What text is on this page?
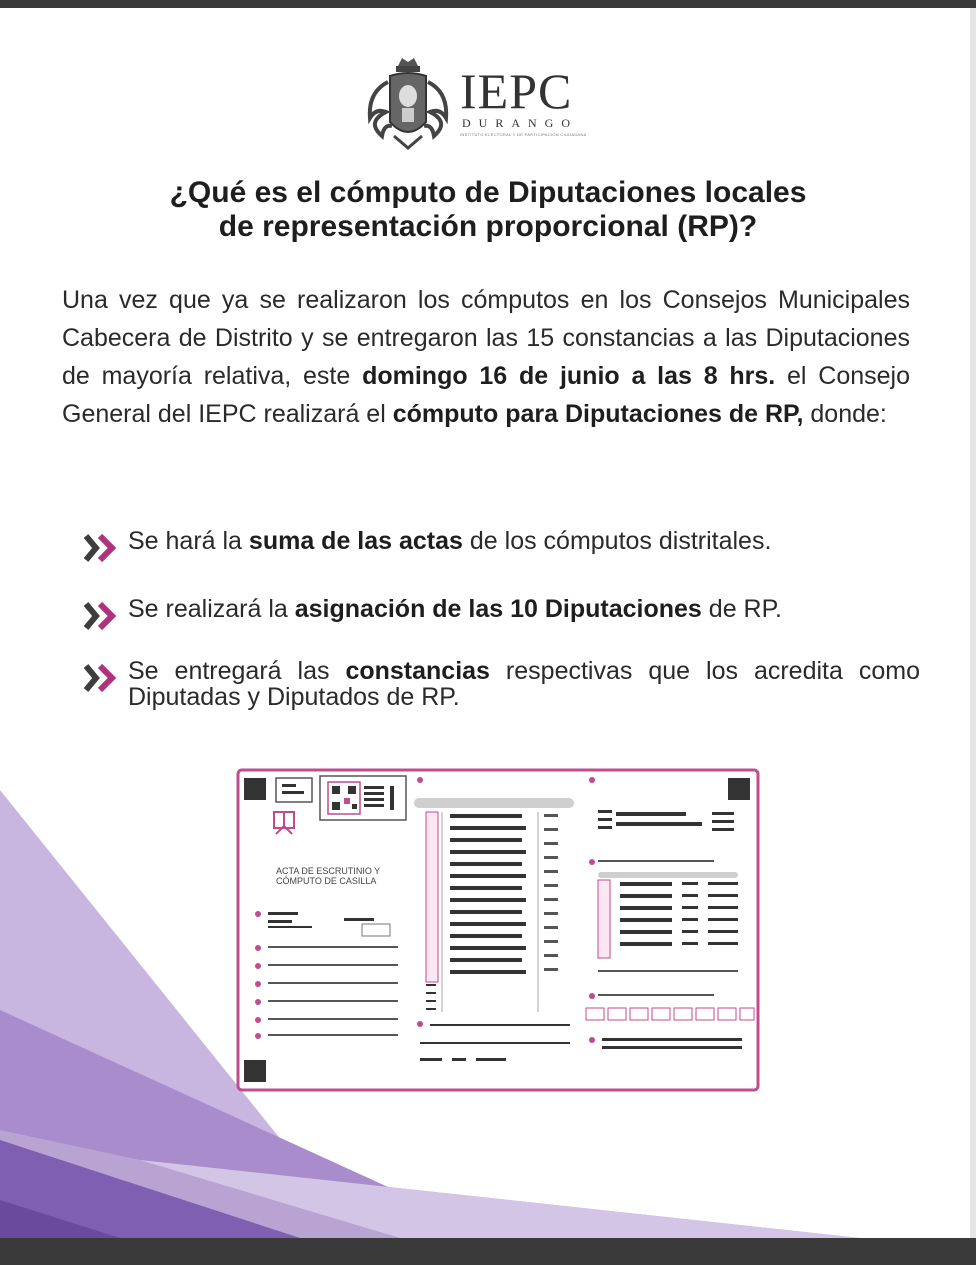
IEPC
DURANGO
INSTITUTO ELECTORAL Y DE PARTICIPACIÓN CIUDADANA
¿Qué es el cómputo de Diputaciones locales
de representación proporcional (RP)?
Una vez que ya se realizaron los cómputos en los Consejos Municipales Cabecera de Distrito y se entregaron las 15 constancias a las Diputaciones de mayoría relativa, este domingo 16 de junio a las 8 hrs. el Consejo General del IEPC realizará el cómputo para Diputaciones de RP, donde:
Se hará la suma de las actas de los cómputos distritales.
Se realizará la asignación de las 10 Diputaciones de RP.
Se entregará las constancias respectivas que los acredita como Diputadas y Diputados de RP.
ACTA DE ESCRUTINIO Y
CÓMPUTO DE CASILLA
